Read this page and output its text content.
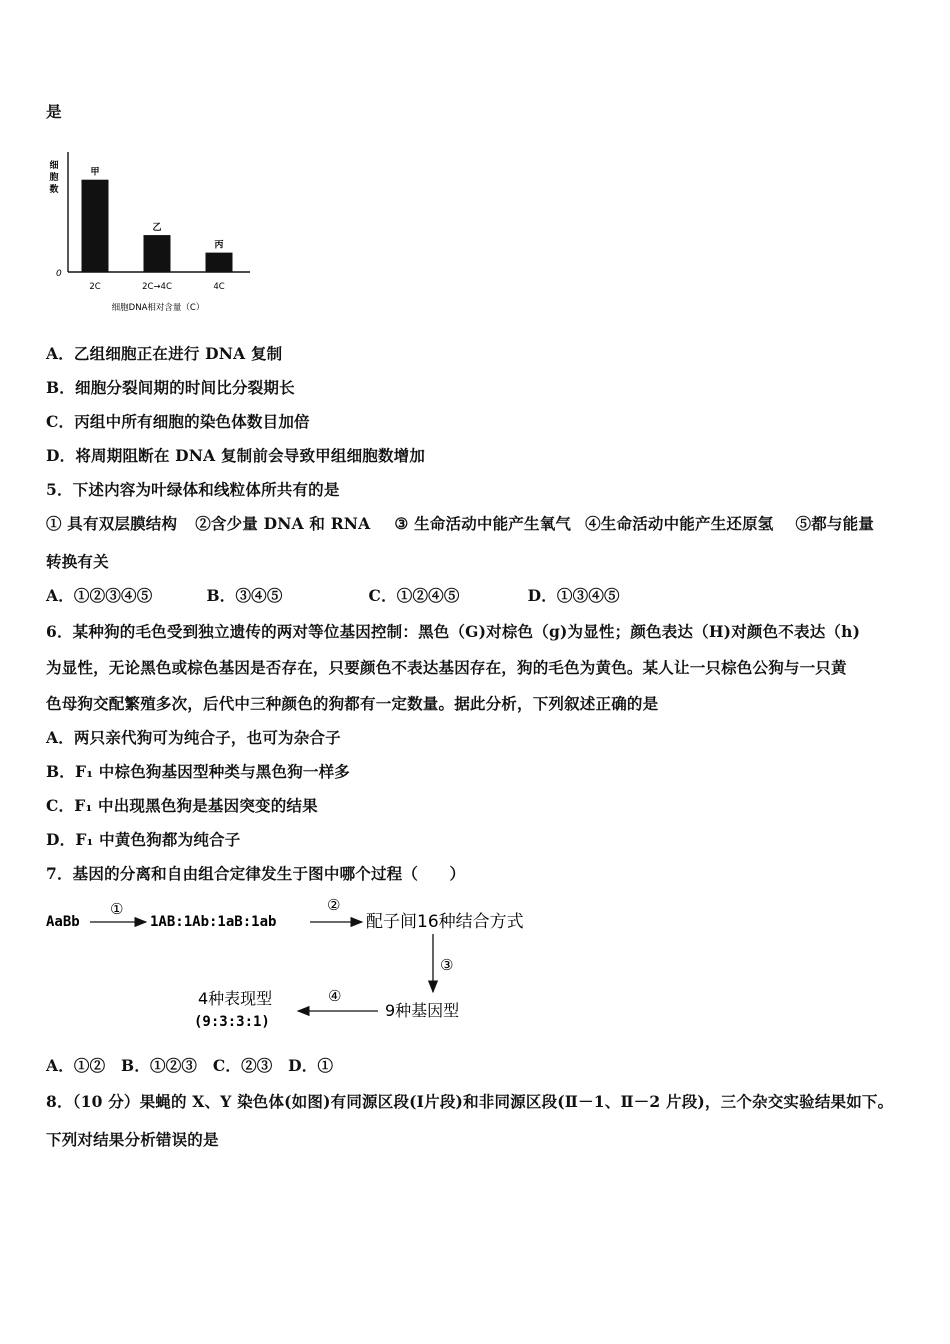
是
细
胞
数
0
甲
2C
乙
2C→4C
丙
4C
细胞DNA相对含量（C）
A．乙组细胞正在进行 DNA 复制
B．细胞分裂间期的时间比分裂期长
C．丙组中所有细胞的染色体数目加倍
D．将周期阻断在 DNA 复制前会导致甲组细胞数增加
5．下述内容为叶绿体和线粒体所共有的是
① 具有双层膜结构 ②含少量 DNA 和 RNA ③ 生命活动中能产生氧气 ④生命活动中能产生还原氢 ⑤都与能量
转换有关
A．①②③④⑤	B．③④⑤	C．①②④⑤	D．①③④⑤
6．某种狗的毛色受到独立遗传的两对等位基因控制：黑色（G)对棕色（g)为显性；颜色表达（H)对颜色不表达（h)
为显性，无论黑色或棕色基因是否存在，只要颜色不表达基因存在，狗的毛色为黄色。某人让一只棕色公狗与一只黄
色母狗交配繁殖多次，后代中三种颜色的狗都有一定数量。据此分析，下列叙述正确的是
A．两只亲代狗可为纯合子，也可为杂合子
B．F₁ 中棕色狗基因型种类与黑色狗一样多
C．F₁ 中出现黑色狗是基因突变的结果
D．F₁ 中黄色狗都为纯合子
7．基因的分离和自由组合定律发生于图中哪个过程（　　）
AaBb
①
1AB:1Ab:1aB:1ab
②
配子间16种结合方式
③
9种基因型
④
4种表现型
(9:3:3:1)
A．①②　B．①②③　C．②③　D．①
8．（10 分）果蝇的 X、Y 染色体(如图)有同源区段(Ⅰ片段)和非同源区段(Ⅱ－1、Ⅱ－2 片段)，三个杂交实验结果如下。
下列对结果分析错误的是
